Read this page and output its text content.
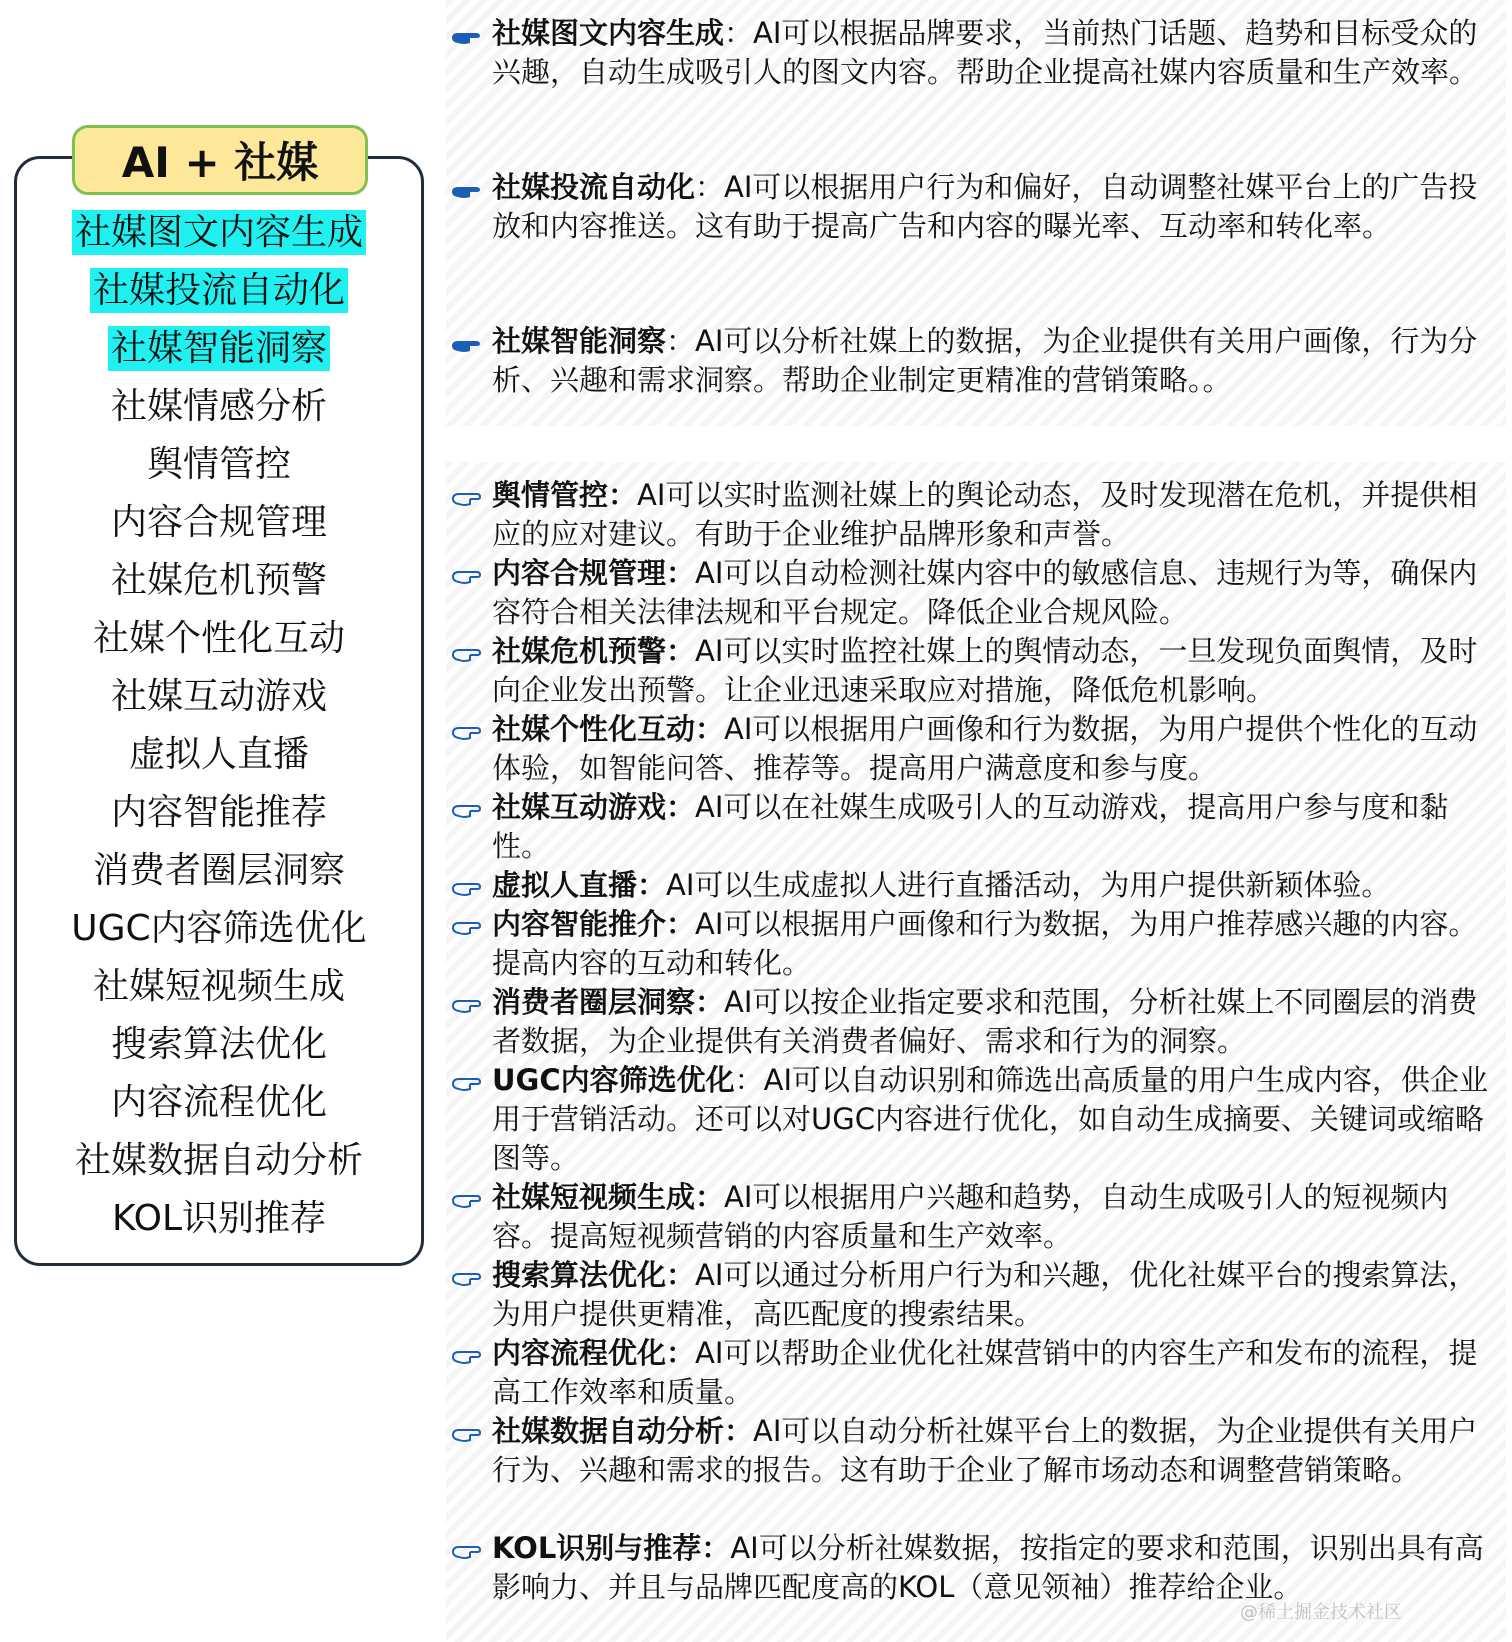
AI + 社媒
社媒图文内容生成
社媒投流自动化
社媒智能洞察
社媒情感分析
舆情管控
内容合规管理
社媒危机预警
社媒个性化互动
社媒互动游戏
虚拟人直播
内容智能推荐
消费者圈层洞察
UGC内容筛选优化
社媒短视频生成
搜索算法优化
内容流程优化
社媒数据自动分析
KOL识别推荐
社媒图文内容生成：AI可以根据品牌要求，当前热门话题、趋势和目标受众的兴趣，自动生成吸引人的图文内容。帮助企业提高社媒内容质量和生产效率。
社媒投流自动化：AI可以根据用户行为和偏好，自动调整社媒平台上的广告投放和内容推送。这有助于提高广告和内容的曝光率、互动率和转化率。
社媒智能洞察：AI可以分析社媒上的数据，为企业提供有关用户画像，行为分析、兴趣和需求洞察。帮助企业制定更精准的营销策略。。
舆情管控：AI可以实时监测社媒上的舆论动态，及时发现潜在危机，并提供相应的应对建议。有助于企业维护品牌形象和声誉。
内容合规管理：AI可以自动检测社媒内容中的敏感信息、违规行为等，确保内容符合相关法律法规和平台规定。降低企业合规风险。
社媒危机预警：AI可以实时监控社媒上的舆情动态，一旦发现负面舆情，及时向企业发出预警。让企业迅速采取应对措施，降低危机影响。
社媒个性化互动：AI可以根据用户画像和行为数据，为用户提供个性化的互动体验，如智能问答、推荐等。提高用户满意度和参与度。
社媒互动游戏：AI可以在社媒生成吸引人的互动游戏，提高用户参与度和黏性。
虚拟人直播：AI可以生成虚拟人进行直播活动，为用户提供新颖体验。
内容智能推介：AI可以根据用户画像和行为数据，为用户推荐感兴趣的内容。提高内容的互动和转化。
消费者圈层洞察：AI可以按企业指定要求和范围，分析社媒上不同圈层的消费者数据，为企业提供有关消费者偏好、需求和行为的洞察。
UGC内容筛选优化：AI可以自动识别和筛选出高质量的用户生成内容，供企业用于营销活动。还可以对UGC内容进行优化，如自动生成摘要、关键词或缩略图等。
社媒短视频生成：AI可以根据用户兴趣和趋势，自动生成吸引人的短视频内容。提高短视频营销的内容质量和生产效率。
搜索算法优化：AI可以通过分析用户行为和兴趣，优化社媒平台的搜索算法，为用户提供更精准，高匹配度的搜索结果。
内容流程优化：AI可以帮助企业优化社媒营销中的内容生产和发布的流程，提高工作效率和质量。
社媒数据自动分析：AI可以自动分析社媒平台上的数据，为企业提供有关用户行为、兴趣和需求的报告。这有助于企业了解市场动态和调整营销策略。
KOL识别与推荐：AI可以分析社媒数据，按指定的要求和范围，识别出具有高影响力、并且与品牌匹配度高的KOL（意见领袖）推荐给企业。
@稀土掘金技术社区
